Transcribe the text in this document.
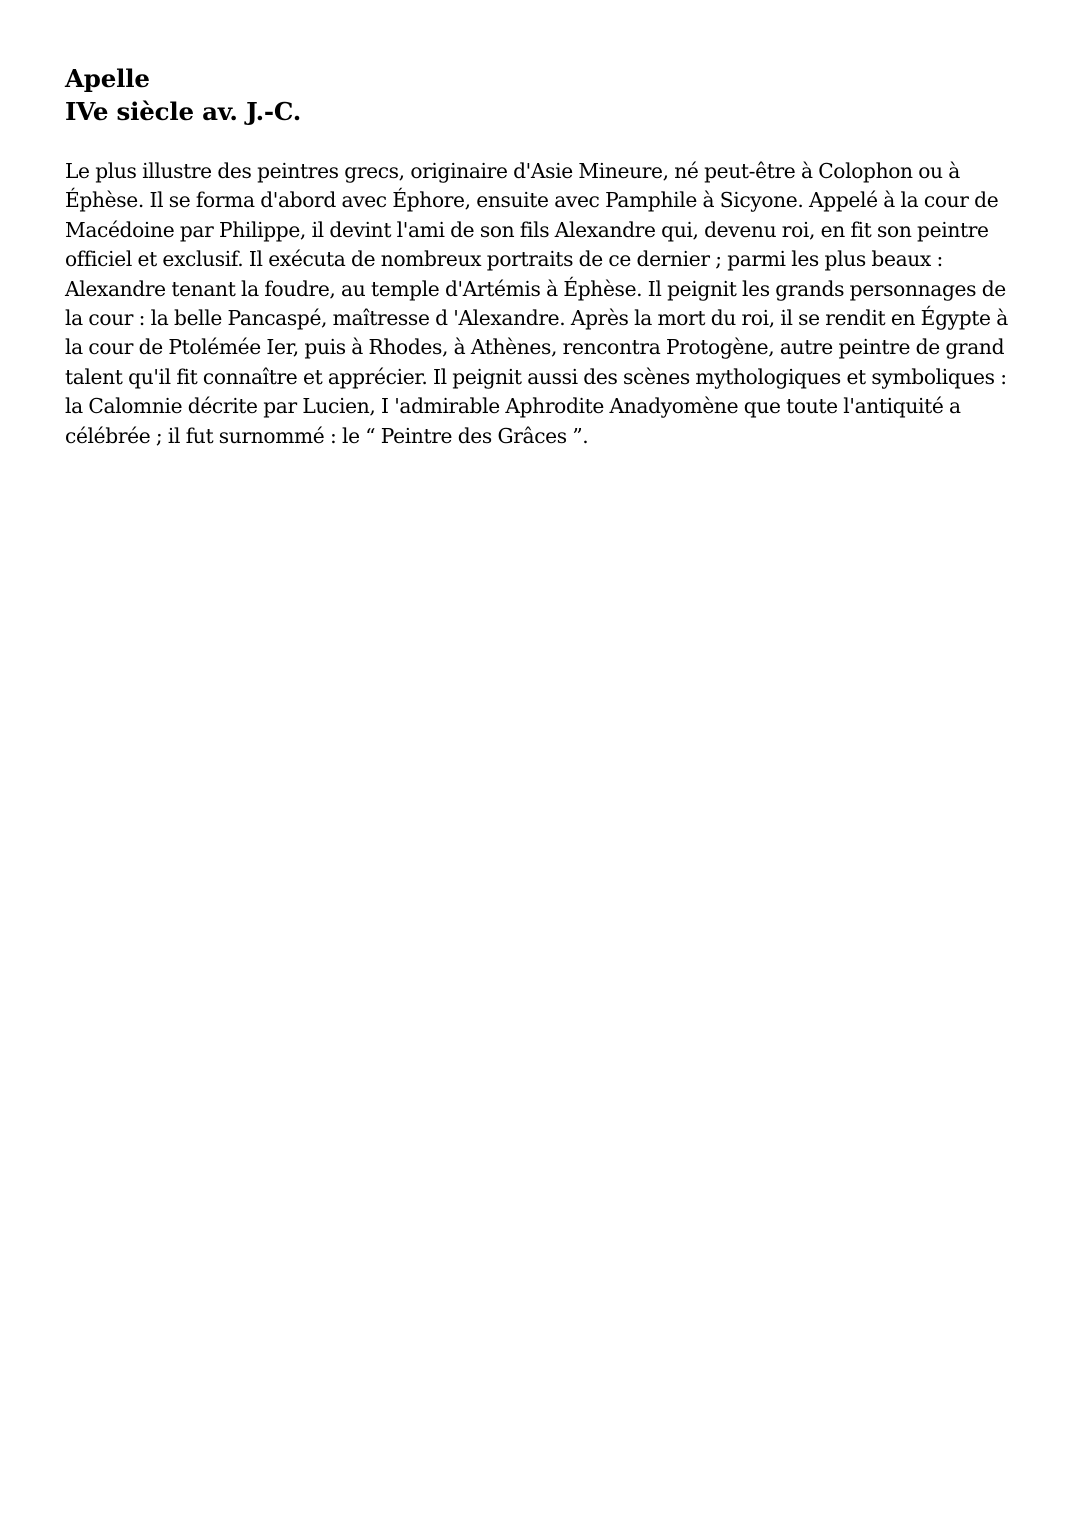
Apelle
IVe siècle av. J.-C.

Le plus illustre des peintres grecs, originaire d'Asie Mineure, né peut-être à Colophon ou à Éphèse. Il se forma d'abord avec Éphore, ensuite avec Pamphile à Sicyone. Appelé à la cour de Macédoine par Philippe, il devint l'ami de son fils Alexandre qui, devenu roi, en fit son peintre officiel et exclusif. Il exécuta de nombreux portraits de ce dernier ; parmi les plus beaux : Alexandre tenant la foudre, au temple d'Artémis à Éphèse. Il peignit les grands personnages de la cour : la belle Pancaspé, maîtresse d 'Alexandre. Après la mort du roi, il se rendit en Égypte à la cour de Ptolémée Ier, puis à Rhodes, à Athènes, rencontra Protogène, autre peintre de grand talent qu'il fit connaître et apprécier. Il peignit aussi des scènes mythologiques et symboliques : la Calomnie décrite par Lucien, I 'admirable Aphrodite Anadyomène que toute l'antiquité a célébrée ; il fut surnommé : le “ Peintre des Grâces ”.
